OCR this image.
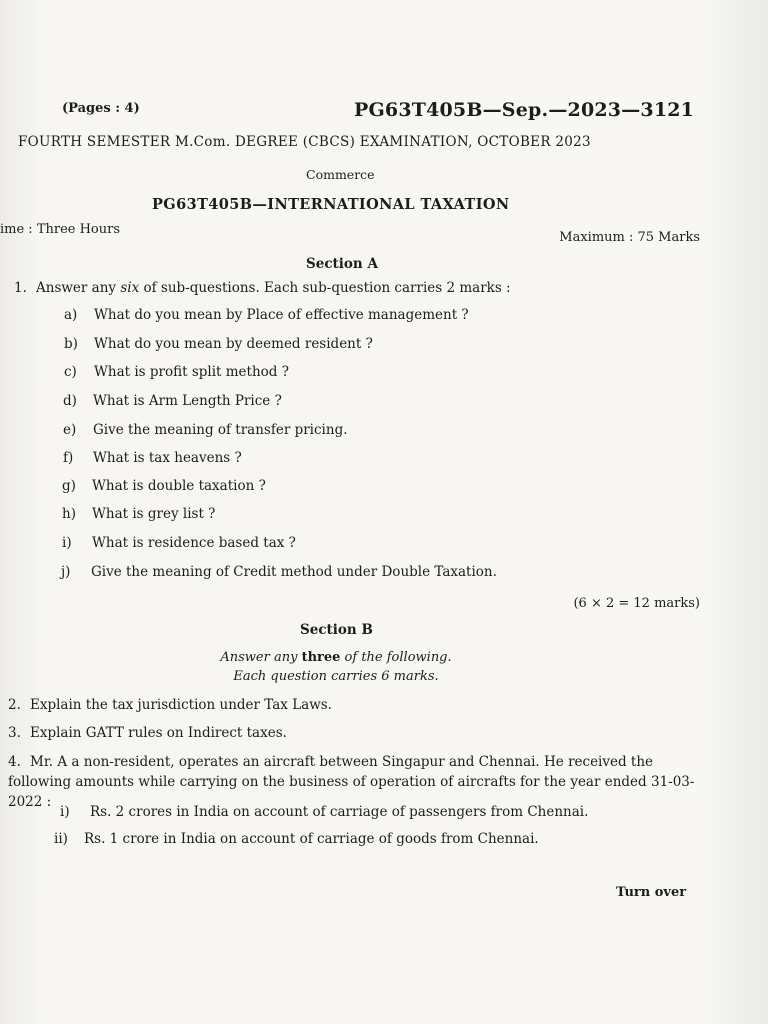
(Pages : 4)	PG63T405B—Sep.—2023—3121
FOURTH SEMESTER M.Com. DEGREE (CBCS) EXAMINATION, OCTOBER 2023
Commerce
PG63T405B—INTERNATIONAL TAXATION
ime : Three Hours
Maximum : 75 Marks
Section A
1. Answer any six of sub-questions. Each sub-question carries 2 marks :
a) What do you mean by Place of effective management ?
b) What do you mean by deemed resident ?
c) What is profit split method ?
d) What is Arm Length Price ?
e) Give the meaning of transfer pricing.
f) What is tax heavens ?
g) What is double taxation ?
h) What is grey list ?
i) What is residence based tax ?
j) Give the meaning of Credit method under Double Taxation.
(6 × 2 = 12 marks)
Section B
Answer any three of the following.
Each question carries 6 marks.
2. Explain the tax jurisdiction under Tax Laws.
3. Explain GATT rules on Indirect taxes.
4. Mr. A a non-resident, operates an aircraft between Singapur and Chennai. He received the following amounts while carrying on the business of operation of aircrafts for the year ended 31-03-2022 :
i) Rs. 2 crores in India on account of carriage of passengers from Chennai.
ii) Rs. 1 crore in India on account of carriage of goods from Chennai.
Turn over
